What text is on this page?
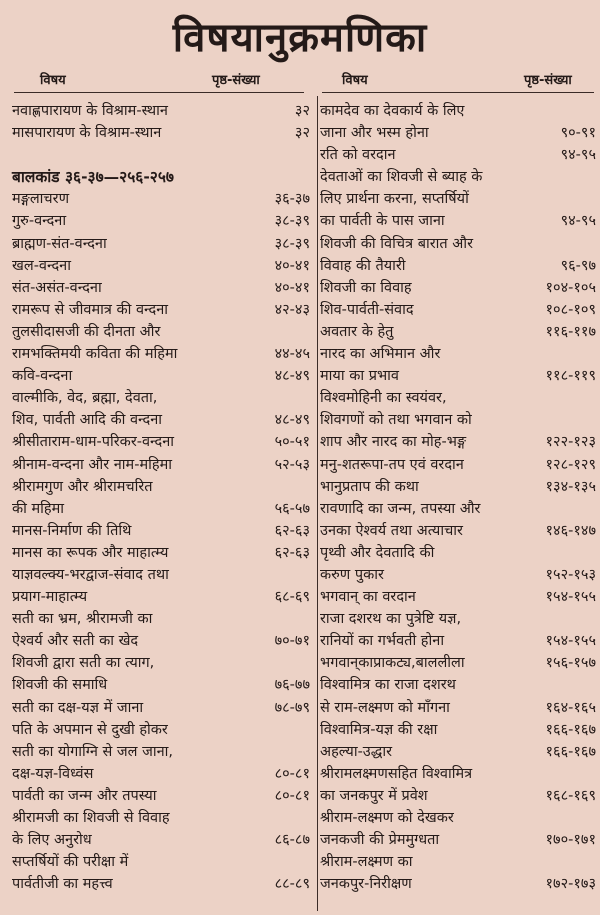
विषयानुक्रमणिका
विषय	पृष्ठ-संख्या	विषय	पृष्ठ-संख्या
नवाह्णपारायण के विश्राम-स्थान	३२
मासपारायण के विश्राम-स्थान	३२
बालकांड ३६-३७—२५६-२५७
मङ्गलाचरण	३६-३७
गुरु-वन्दना	३८-३९
ब्राह्मण-संत-वन्दना	३८-३९
खल-वन्दना	४०-४१
संत-असंत-वन्दना	४०-४१
रामरूप से जीवमात्र की वन्दना	४२-४३
तुलसीदासजी की दीनता और
रामभक्तिमयी कविता की महिमा	४४-४५
कवि-वन्दना	४८-४९
वाल्मीकि, वेद, ब्रह्मा, देवता,
शिव, पार्वती आदि की वन्दना	४८-४९
श्रीसीताराम-धाम-परिकर-वन्दना	५०-५१
श्रीनाम-वन्दना और नाम-महिमा	५२-५३
श्रीरामगुण और श्रीरामचरित
की महिमा	५६-५७
मानस-निर्माण की तिथि	६२-६३
मानस का रूपक और माहात्म्य	६२-६३
याज्ञवल्क्य-भरद्वाज-संवाद तथा
प्रयाग-माहात्म्य	६८-६९
सती का भ्रम, श्रीरामजी का
ऐश्वर्य और सती का खेद	७०-७१
शिवजी द्वारा सती का त्याग,
शिवजी की समाधि	७६-७७
सती का दक्ष-यज्ञ में जाना	७८-७९
पति के अपमान से दुखी होकर
सती का योगाग्नि से जल जाना,
दक्ष-यज्ञ-विध्वंस	८०-८१
पार्वती का जन्म और तपस्या	८०-८१
श्रीरामजी का शिवजी से विवाह
के लिए अनुरोध	८६-८७
सप्तर्षियों की परीक्षा में
पार्वतीजी का महत्त्व	८८-८९
कामदेव का देवकार्य के लिए
जाना और भस्म होना	९०-९१
रति को वरदान	९४-९५
देवताओं का शिवजी से ब्याह के
लिए प्रार्थना करना, सप्तर्षियों
का पार्वती के पास जाना	९४-९५
शिवजी की विचित्र बारात और
विवाह की तैयारी	९६-९७
शिवजी का विवाह	१०४-१०५
शिव-पार्वती-संवाद	१०८-१०९
अवतार के हेतु	११६-११७
नारद का अभिमान और
माया का प्रभाव	११८-११९
विश्वमोहिनी का स्वयंवर,
शिवगणों को तथा भगवान को
शाप और नारद का मोह-भङ्ग	१२२-१२३
मनु-शतरूपा-तप एवं वरदान	१२८-१२९
भानुप्रताप की कथा	१३४-१३५
रावणादि का जन्म, तपस्या और
उनका ऐश्वर्य तथा अत्याचार	१४६-१४७
पृथ्वी और देवतादि की
करुण पुकार	१५२-१५३
भगवान् का वरदान	१५४-१५५
राजा दशरथ का पुत्रेष्टि यज्ञ,
रानियों का गर्भवती होना	१५४-१५५
भगवान्‌काप्राकट्य,बाललीला	१५६-१५७
विश्वामित्र का राजा दशरथ
से राम-लक्ष्मण को माँगना	१६४-१६५
विश्वामित्र-यज्ञ की रक्षा	१६६-१६७
अहल्या-उद्धार	१६६-१६७
श्रीरामलक्ष्मणसहित विश्वामित्र
का जनकपुर में प्रवेश	१६८-१६९
श्रीराम-लक्ष्मण को देखकर
जनकजी की प्रेममुग्धता	१७०-१७१
श्रीराम-लक्ष्मण का
जनकपुर-निरीक्षण	१७२-१७३
